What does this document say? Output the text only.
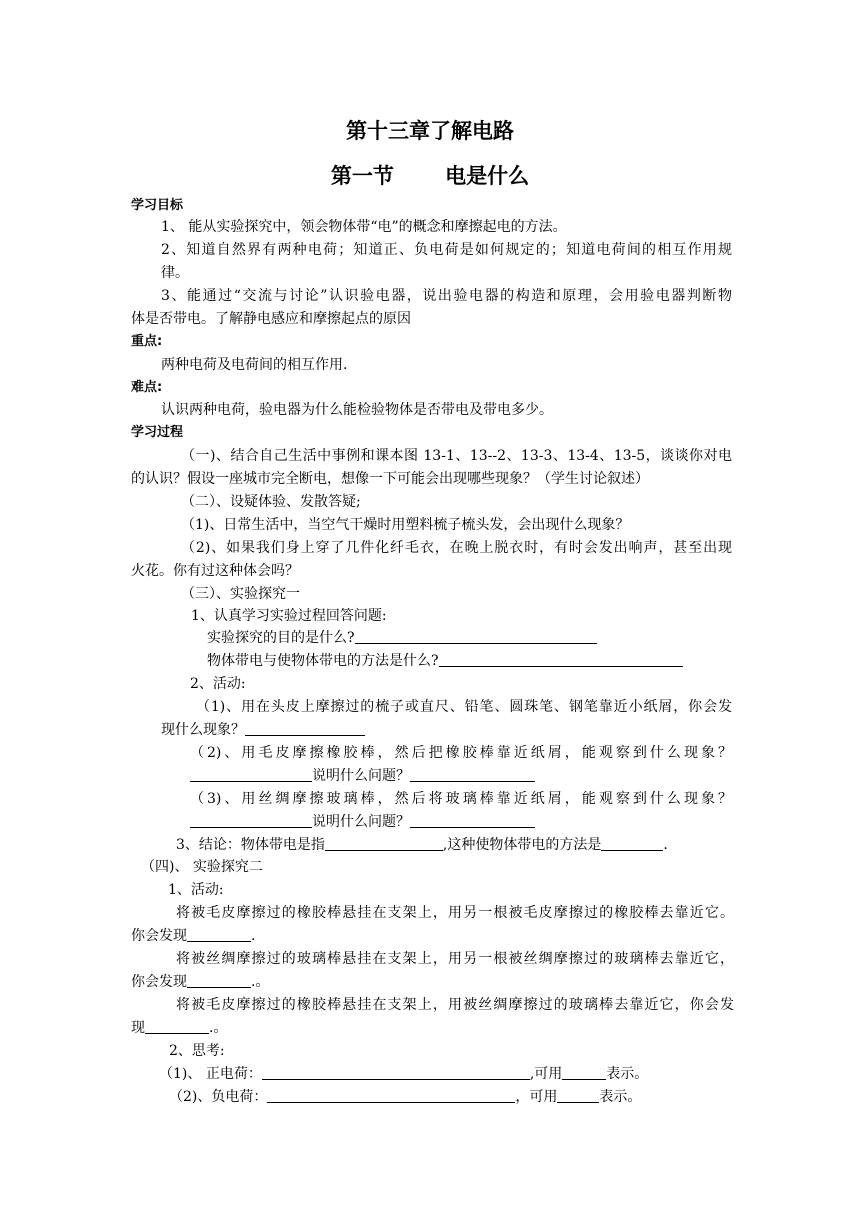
第十三章了解电路
第一节       电是什么
学习目标
1、 能从实验探究中，领会物体带“电”的概念和摩擦起电的方法。
2、知道自然界有两种电荷；知道正、负电荷是如何规定的；知道电荷间的相互作用规
律。
3、能通过“交流与讨论”认识验电器，说出验电器的构造和原理，会用验电器判断物
体是否带电。了解静电感应和摩擦起点的原因
重点:
两种电荷及电荷间的相互作用.
难点:
认识两种电荷，验电器为什么能检验物体是否带电及带电多少。
学习过程
（一)、结合自己生活中事例和课本图 13-1、13--2、13-3、13-4、13-5，谈谈你对电
的认识？假设一座城市完全断电，想像一下可能会出现哪些现象？（学生讨论叙述）
（二）、设疑体验、发散答疑;
（1)、日常生活中，当空气干燥时用塑料梳子梳头发，会出现什么现象？
（2)、如果我们身上穿了几件化纤毛衣，在晚上脱衣时，有时会发出响声，甚至出现
火花。你有过这种体会吗？
（三）、实验探究一
1、认真学习实验过程回答问题:
实验探究的目的是什么?
物体带电与使物体带电的方法是什么?
2、活动:
（1)、用在头皮上摩擦过的梳子或直尺、铅笔、圆珠笔、钢笔靠近小纸屑，你会发
现什么现象？
（2)、用毛皮摩擦橡胶棒，然后把橡胶棒靠近纸屑，能观察到什么现象？
说明什么问题？
（3)、用丝绸摩擦玻璃棒，然后将玻璃棒靠近纸屑，能观察到什么现象？
说明什么问题？
3、结论：物体带电是指	,这种使物体带电的方法是	.
（四)、 实验探究二
1、活动:
将被毛皮摩擦过的橡胶棒悬挂在支架上，用另一根被毛皮摩擦过的橡胶棒去靠近它。
你会发现	.
将被丝绸摩擦过的玻璃棒悬挂在支架上，用另一根被丝绸摩擦过的玻璃棒去靠近它，
你会发现	.。
将被毛皮摩擦过的橡胶棒悬挂在支架上，用被丝绸摩擦过的玻璃棒去靠近它，你会发
现	.。
2、思考:
（1)、 正电荷：	,可用	表示。
（2)、负电荷：	，可用	表示。
